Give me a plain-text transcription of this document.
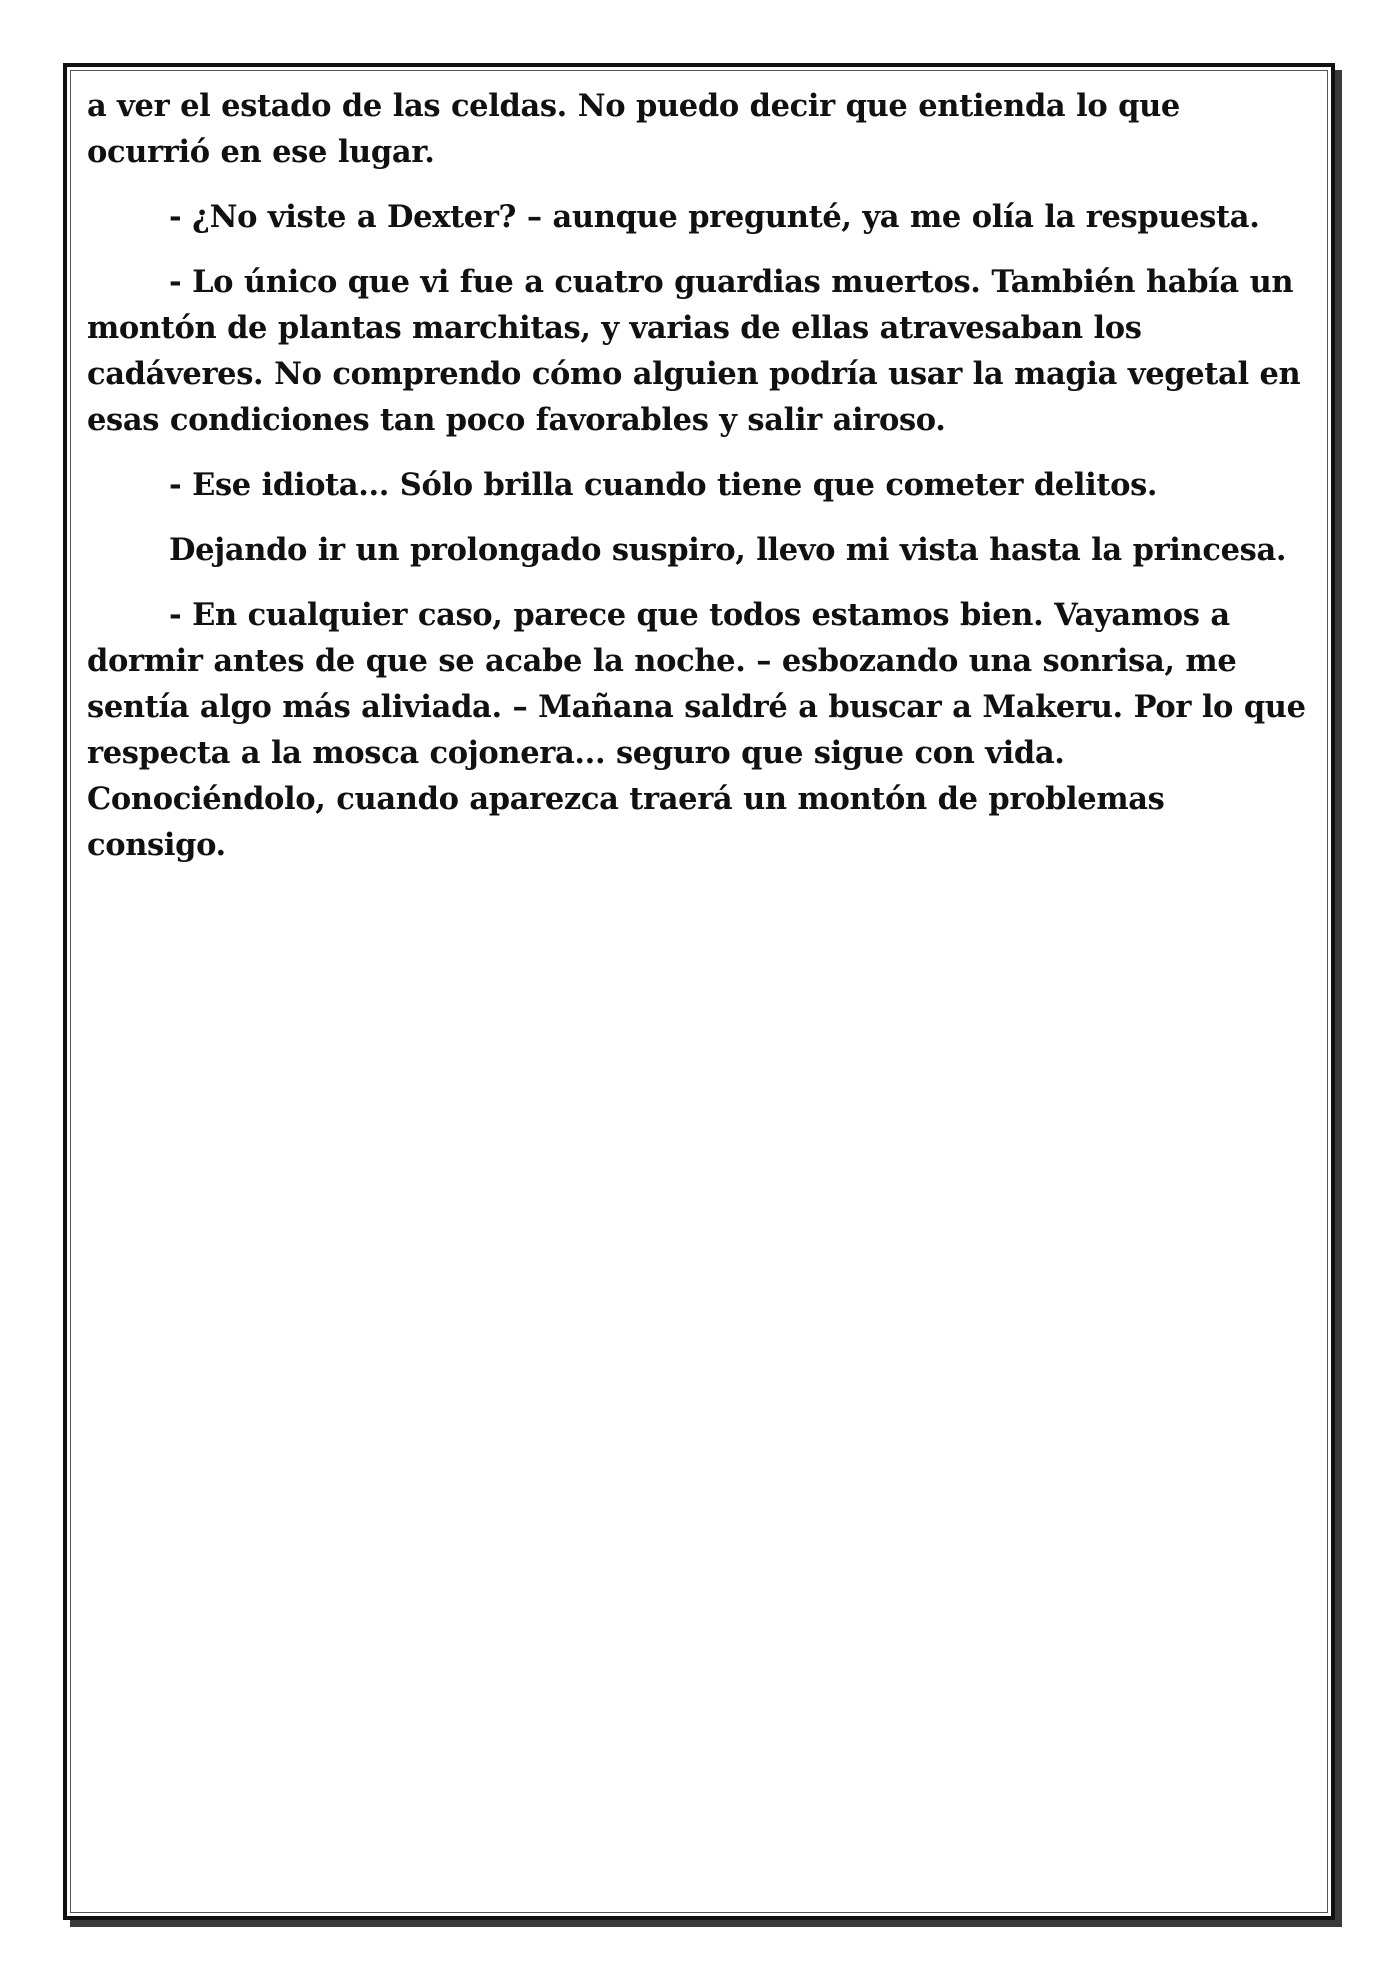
a ver el estado de las celdas. No puedo decir que entienda lo que ocurrió en ese lugar.

- ¿No viste a Dexter? – aunque pregunté, ya me olía la respuesta.

- Lo único que vi fue a cuatro guardias muertos. También había un montón de plantas marchitas, y varias de ellas atravesaban los cadáveres. No comprendo cómo alguien podría usar la magia vegetal en esas condiciones tan poco favorables y salir airoso.

- Ese idiota... Sólo brilla cuando tiene que cometer delitos.

Dejando ir un prolongado suspiro, llevo mi vista hasta la princesa.

- En cualquier caso, parece que todos estamos bien. Vayamos a dormir antes de que se acabe la noche. – esbozando una sonrisa, me sentía algo más aliviada. – Mañana saldré a buscar a Makeru. Por lo que respecta a la mosca cojonera... seguro que sigue con vida. Conociéndolo, cuando aparezca traerá un montón de problemas consigo.
